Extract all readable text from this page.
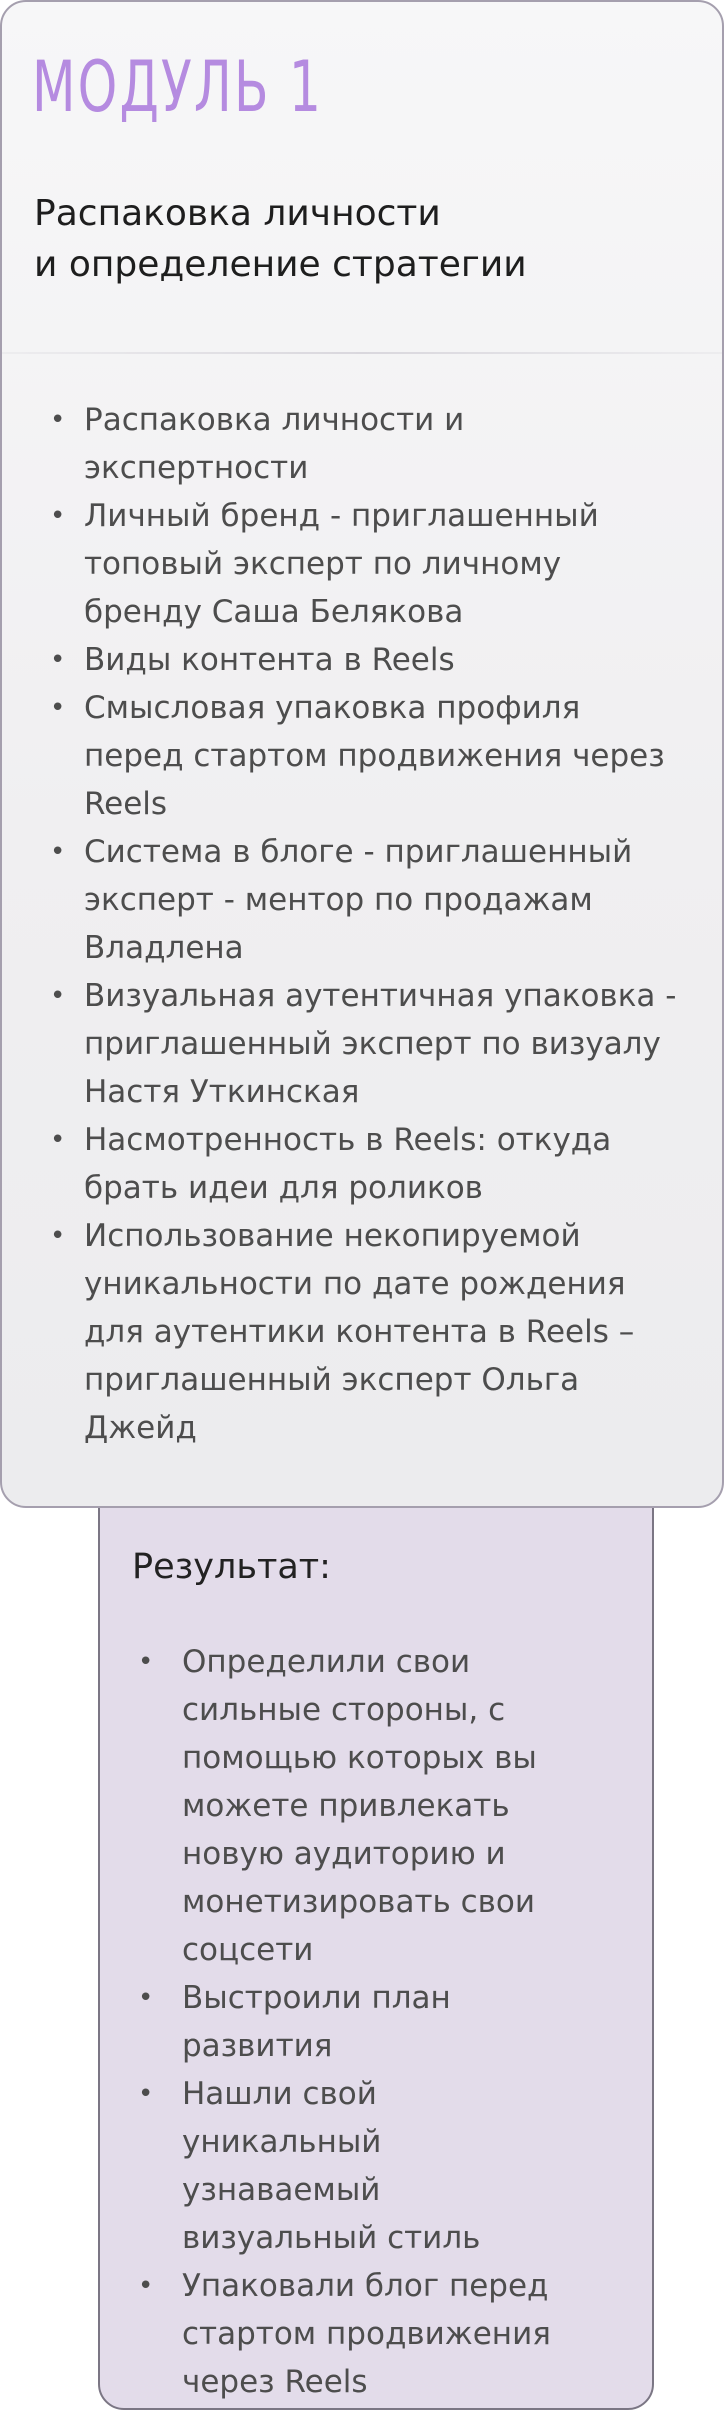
Результат:
• Определили свои сильные стороны, с помощью которых вы можете привлекать новую аудиторию и монетизировать свои соцсети
• Выстроили план развития
• Нашли свой уникальный узнаваемый визуальный стиль
• Упаковали блог перед стартом продвижения через Reels
МОДУЛЬ 1
Распаковка личности
и определение стратегии
• Распаковка личности и экспертности
• Личный бренд - приглашенный топовый эксперт по личному бренду Саша Белякова
• Виды контента в Reels
• Смысловая упаковка профиля перед стартом продвижения через Reels
• Система в блоге - приглашенный эксперт - ментор по продажам Владлена
• Визуальная аутентичная упаковка - приглашенный эксперт по визуалу Настя Уткинская
• Насмотренность в Reels: откуда брать идеи для роликов
• Использование некопируемой уникальности по дате рождения для аутентики контента в Reels – приглашенный эксперт Ольга Джейд
